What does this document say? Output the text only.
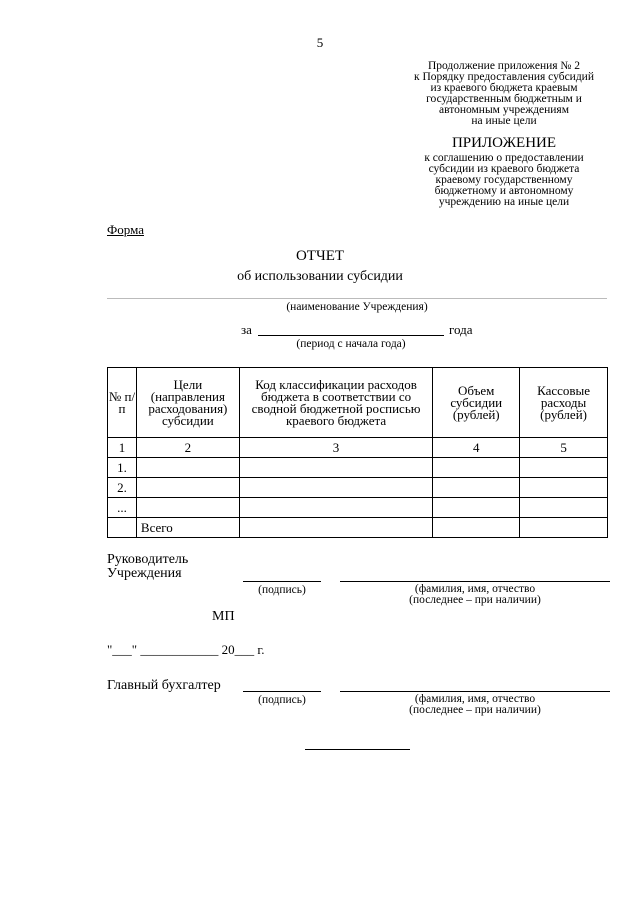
5
Продолжение приложения № 2
к Порядку предоставления субсидий
из краевого бюджета краевым
государственным бюджетным и
автономным учреждениям
на иные цели
ПРИЛОЖЕНИЕ
к соглашению о предоставлении
субсидии из краевого бюджета
краевому государственному
бюджетному и автономному
учреждению на иные цели
Форма
ОТЧЕТ
об использовании субсидии
(наименование Учреждения)
за	года
(период с начала года)
№ п/п	Цели (направления расходования) субсидии	Код классификации расходов бюджета в соответствии со сводной бюджетной росписью краевого бюджета	Объем субсидии (рублей)	Кассовые расходы (рублей)
1	2	3	4	5
1.				
2.				
...				
	Всего			
Руководитель
Учреждения
(подпись)	(фамилия, имя, отчество
(последнее – при наличии)
МП
"___" ____________ 20___ г.
Главный бухгалтер
(подпись)	(фамилия, имя, отчество
(последнее – при наличии)
